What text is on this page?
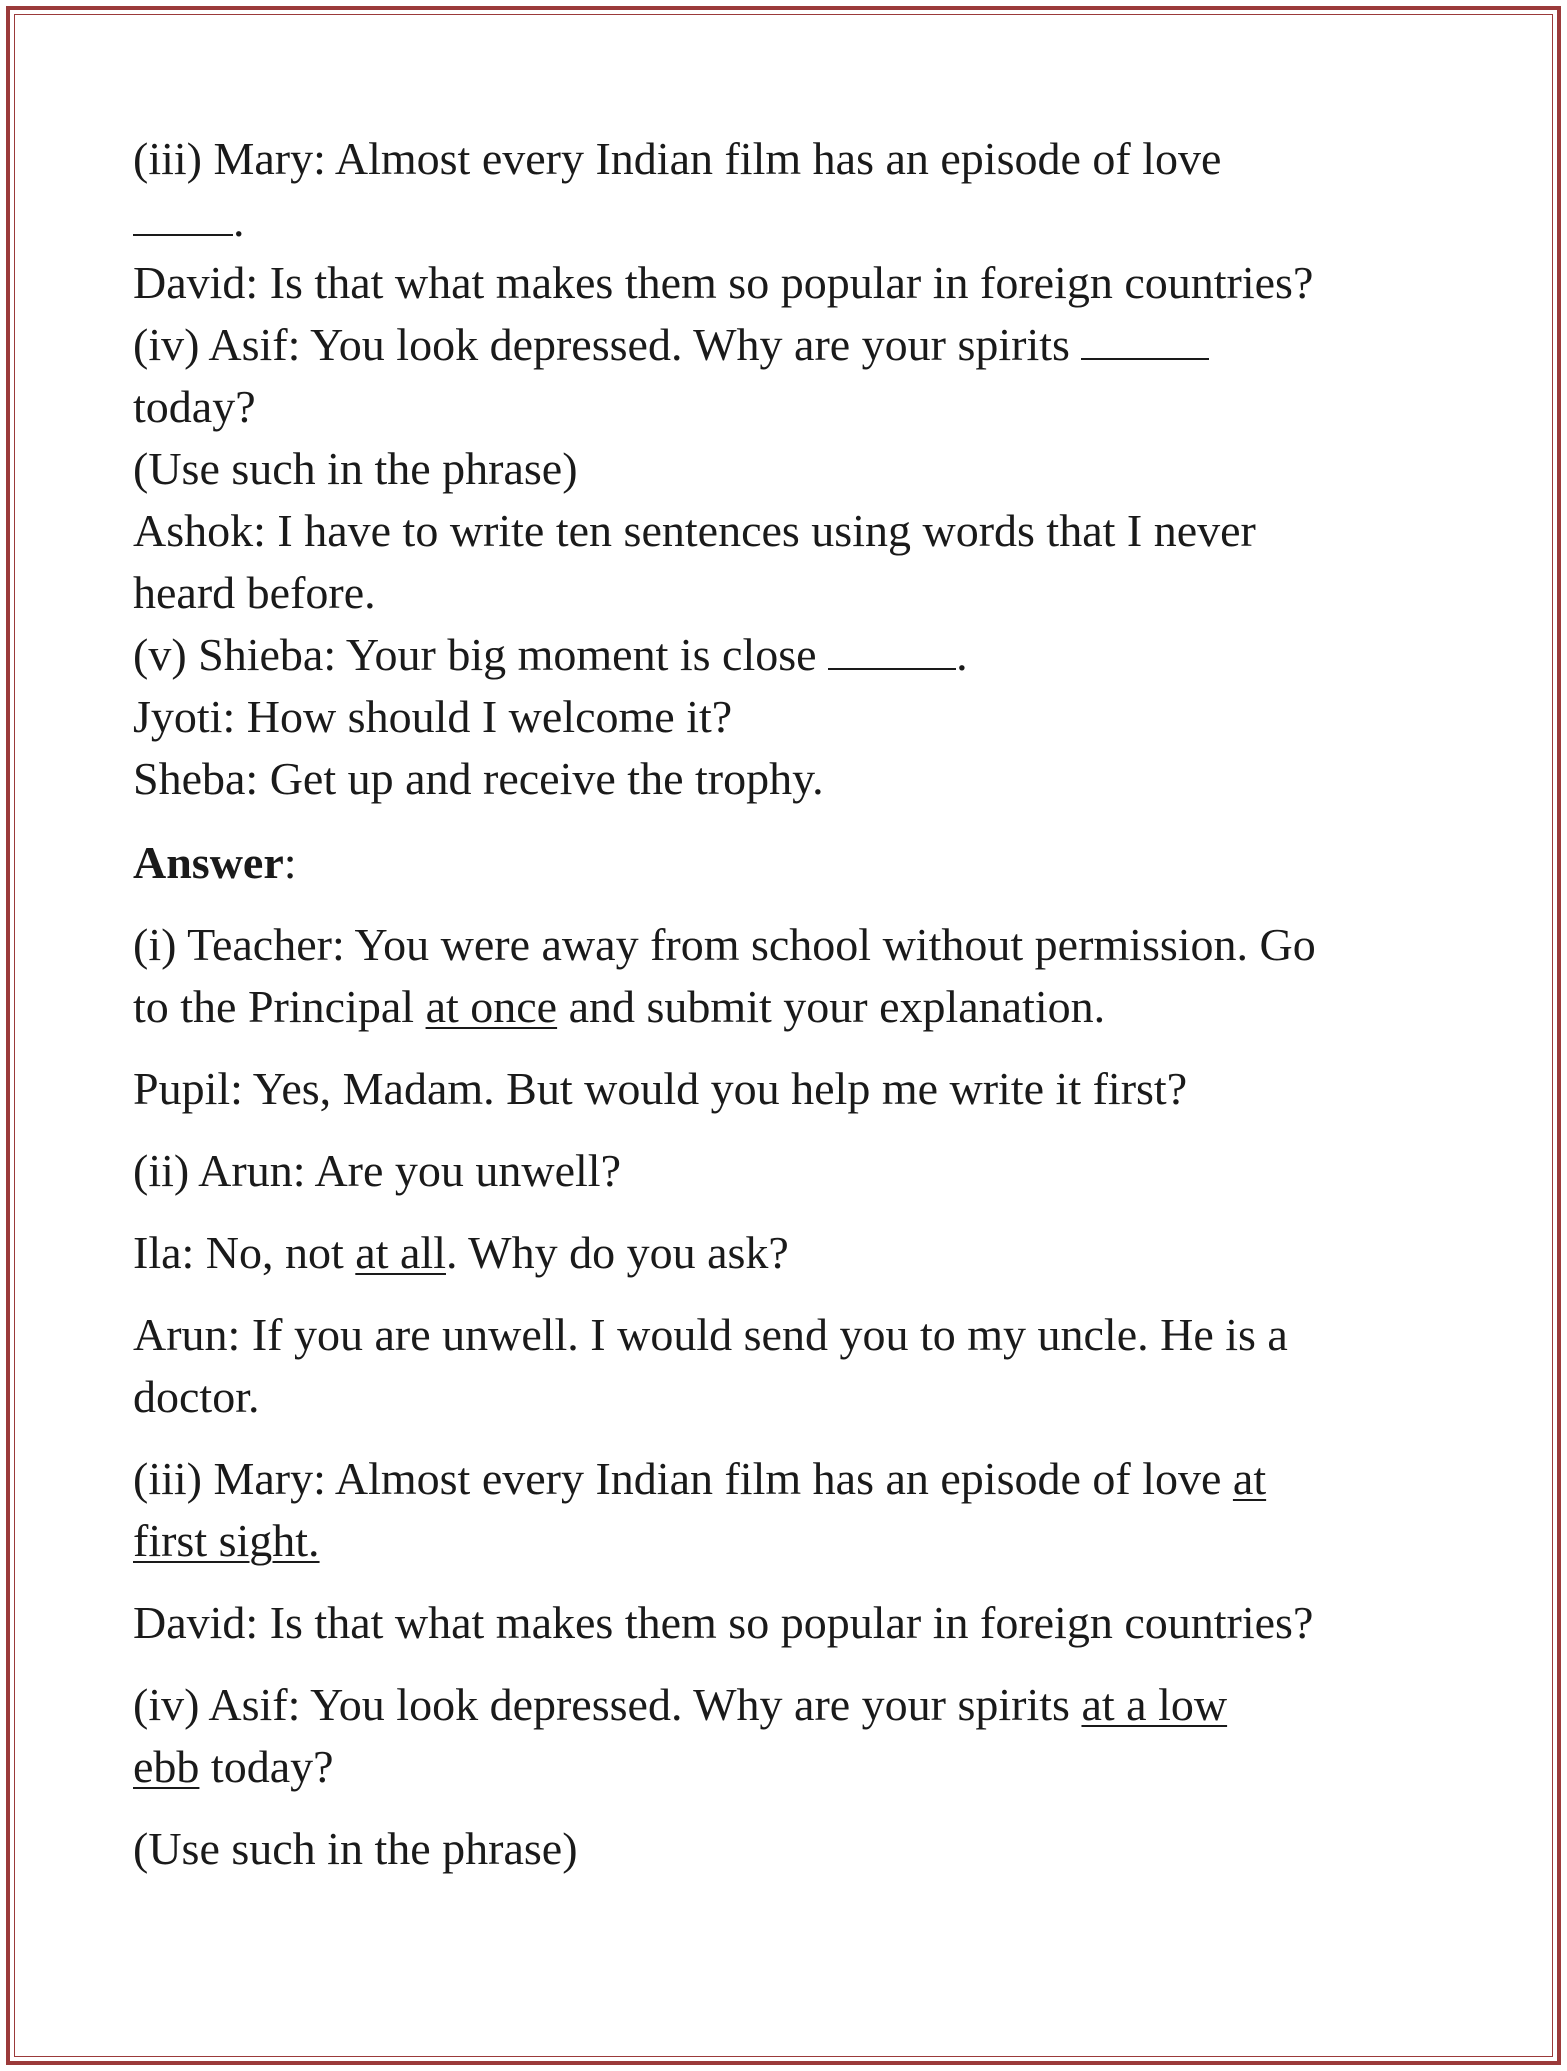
(iii) Mary: Almost every Indian film has an episode of love
.
David: Is that what makes them so popular in foreign countries?
(iv) Asif: You look depressed. Why are your spirits
today?
(Use such in the phrase)
Ashok: I have to write ten sentences using words that I never
heard before.
(v) Shieba: Your big moment is close	.
Jyoti: How should I welcome it?
Sheba: Get up and receive the trophy.
Answer:
(i) Teacher: You were away from school without permission. Go
to the Principal at once and submit your explanation.
Pupil: Yes, Madam. But would you help me write it first?
(ii) Arun: Are you unwell?
Ila: No, not at all. Why do you ask?
Arun: If you are unwell. I would send you to my uncle. He is a
doctor.
(iii) Mary: Almost every Indian film has an episode of love at
first sight.
David: Is that what makes them so popular in foreign countries?
(iv) Asif: You look depressed. Why are your spirits at a low
ebb today?
(Use such in the phrase)
